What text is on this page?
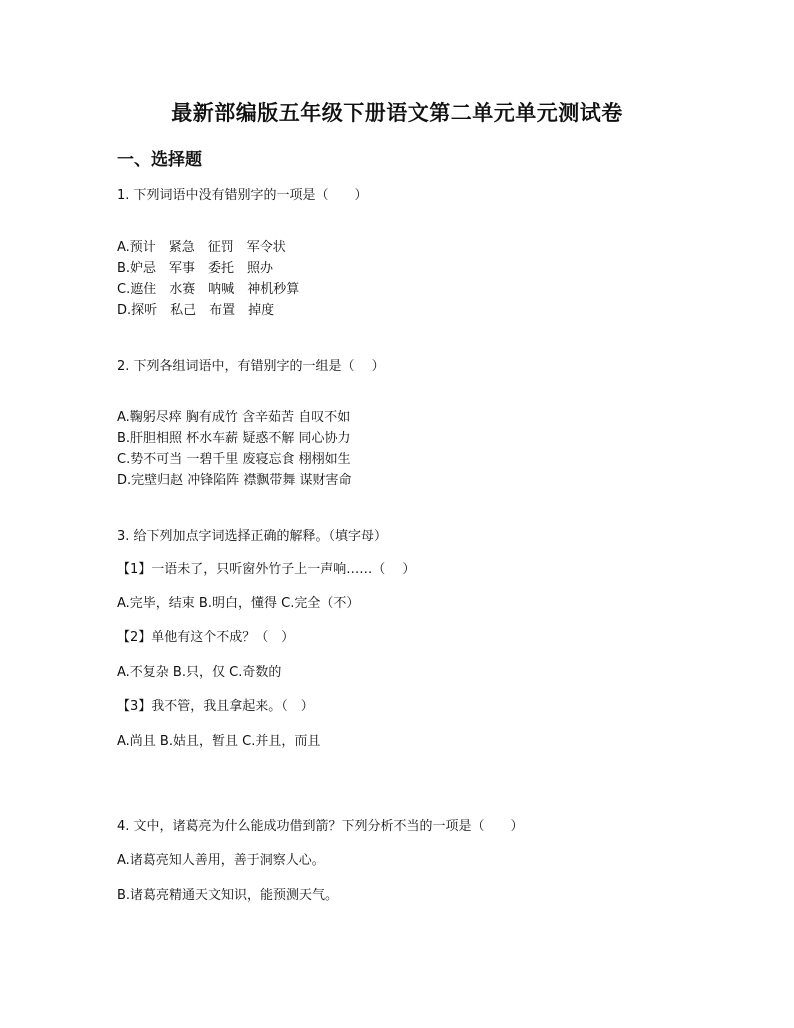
最新部编版五年级下册语文第二单元单元测试卷
一、选择题
1. 下列词语中没有错别字的一项是（　　）
A.预计　紧急　征罚　军令状
B.妒忌　军事　委托　照办
C.遮住　水赛　呐喊　神机秒算
D.探听　私己　布置　掉度
2. 下列各组词语中，有错别字的一组是（　 ）
A.鞠躬尽瘁 胸有成竹 含辛茹苦 自叹不如
B.肝胆相照 杯水车薪 疑惑不解 同心协力
C.势不可当 一碧千里 废寝忘食 栩栩如生
D.完壁归赵 冲锋陷阵 襟飘带舞 谋财害命
3. 给下列加点字词选择正确的解释。（填字母）
【1】一语未了，只听窗外竹子上一声响……（　 ）
A.完毕，结束 B.明白，懂得 C.完全（不）
【2】单他有这个不成？（　）
A.不复杂 B.只，仅 C.奇数的
【3】我不管，我且拿起来。（　）
A.尚且 B.姑且，暂且 C.并且，而且
4. 文中，诸葛亮为什么能成功借到箭？下列分析不当的一项是（　　）
A.诸葛亮知人善用，善于洞察人心。
B.诸葛亮精通天文知识，能预测天气。
